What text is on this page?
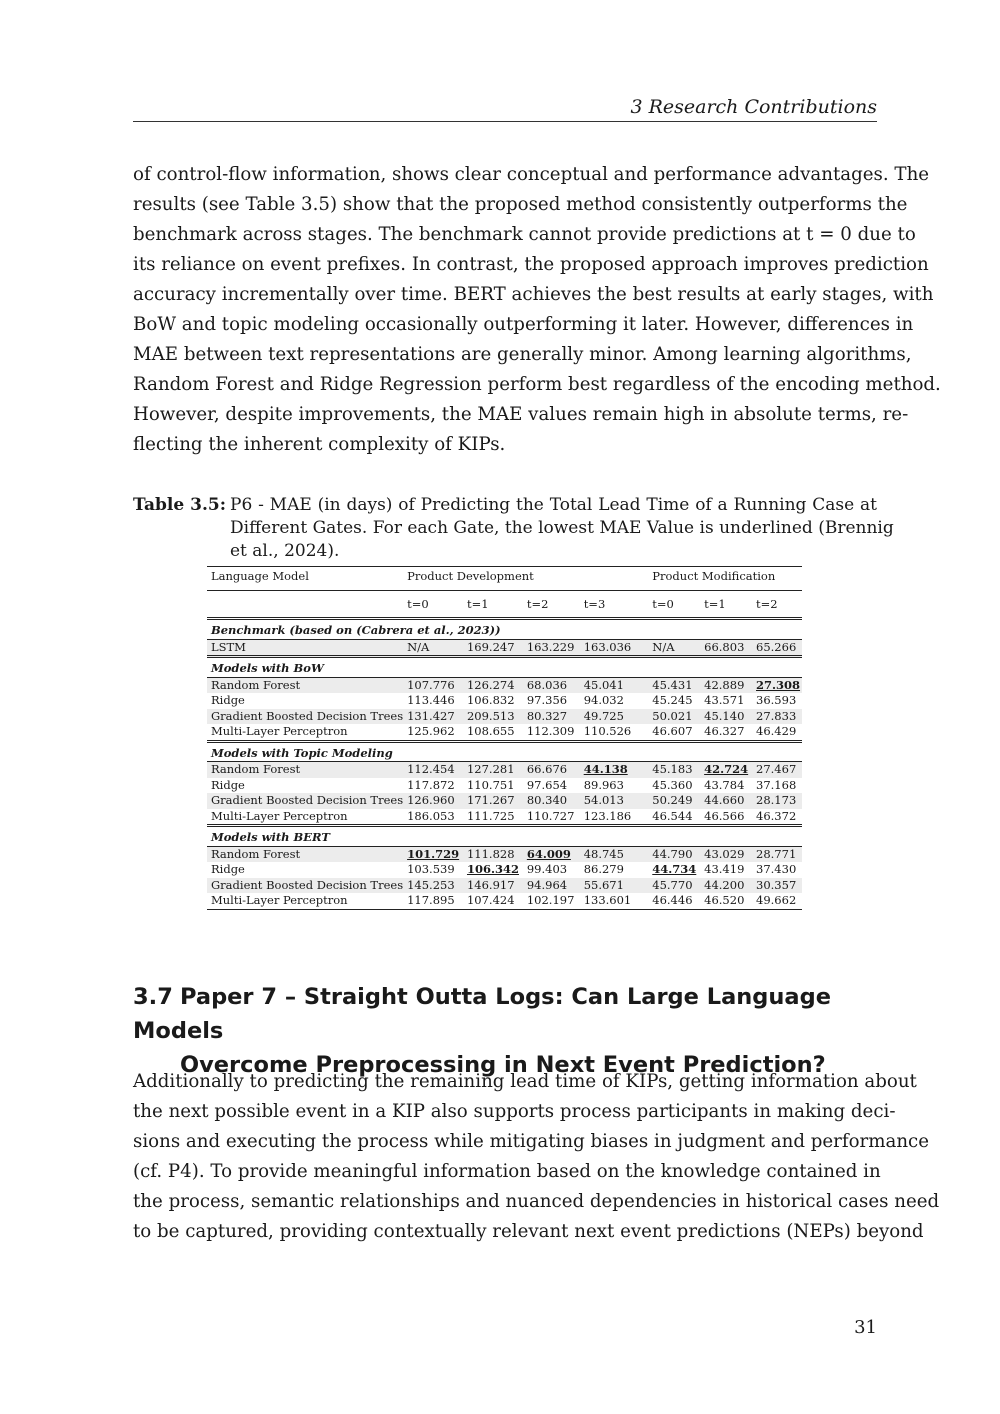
3 Research Contributions

of control-flow information, shows clear conceptual and performance advantages. The
results (see Table 3.5) show that the proposed method consistently outperforms the
benchmark across stages. The benchmark cannot provide predictions at t = 0 due to
its reliance on event prefixes. In contrast, the proposed approach improves prediction
accuracy incrementally over time. BERT achieves the best results at early stages, with
BoW and topic modeling occasionally outperforming it later. However, differences in
MAE between text representations are generally minor. Among learning algorithms,
Random Forest and Ridge Regression perform best regardless of the encoding method.
However, despite improvements, the MAE values remain high in absolute terms, re-
flecting the inherent complexity of KIPs.

Table 3.5: P6 - MAE (in days) of Predicting the Total Lead Time of a Running Case at
Different Gates. For each Gate, the lowest MAE Value is underlined (Brennig
et al., 2024).
Language Model	Product Development					Product Modification		
	t=0	t=1	t=2	t=3		t=0	t=1	t=2
Benchmark (based on (Cabrera et al., 2023))								
LSTM	N/A	169.247	163.229	163.036		N/A	66.803	65.266
Models with BoW								
Random Forest	107.776	126.274	68.036	45.041		45.431	42.889	27.308
Ridge	113.446	106.832	97.356	94.032		45.245	43.571	36.593
Gradient Boosted Decision Trees	131.427	209.513	80.327	49.725		50.021	45.140	27.833
Multi-Layer Perceptron	125.962	108.655	112.309	110.526		46.607	46.327	46.429
Models with Topic Modeling								
Random Forest	112.454	127.281	66.676	44.138		45.183	42.724	27.467
Ridge	117.872	110.751	97.654	89.963		45.360	43.784	37.168
Gradient Boosted Decision Trees	126.960	171.267	80.340	54.013		50.249	44.660	28.173
Multi-Layer Perceptron	186.053	111.725	110.727	123.186		46.544	46.566	46.372
Models with BERT								
Random Forest	101.729	111.828	64.009	48.745		44.790	43.029	28.771
Ridge	103.539	106.342	99.403	86.279		44.734	43.419	37.430
Gradient Boosted Decision Trees	145.253	146.917	94.964	55.671		45.770	44.200	30.357
Multi-Layer Perceptron	117.895	107.424	102.197	133.601		46.446	46.520	49.662
3.7 Paper 7 – Straight Outta Logs: Can Large Language Models
Overcome Preprocessing in Next Event Prediction?

Additionally to predicting the remaining lead time of KIPs, getting information about
the next possible event in a KIP also supports process participants in making deci-
sions and executing the process while mitigating biases in judgment and performance
(cf. P4). To provide meaningful information based on the knowledge contained in
the process, semantic relationships and nuanced dependencies in historical cases need
to be captured, providing contextually relevant next event predictions (NEPs) beyond

31
